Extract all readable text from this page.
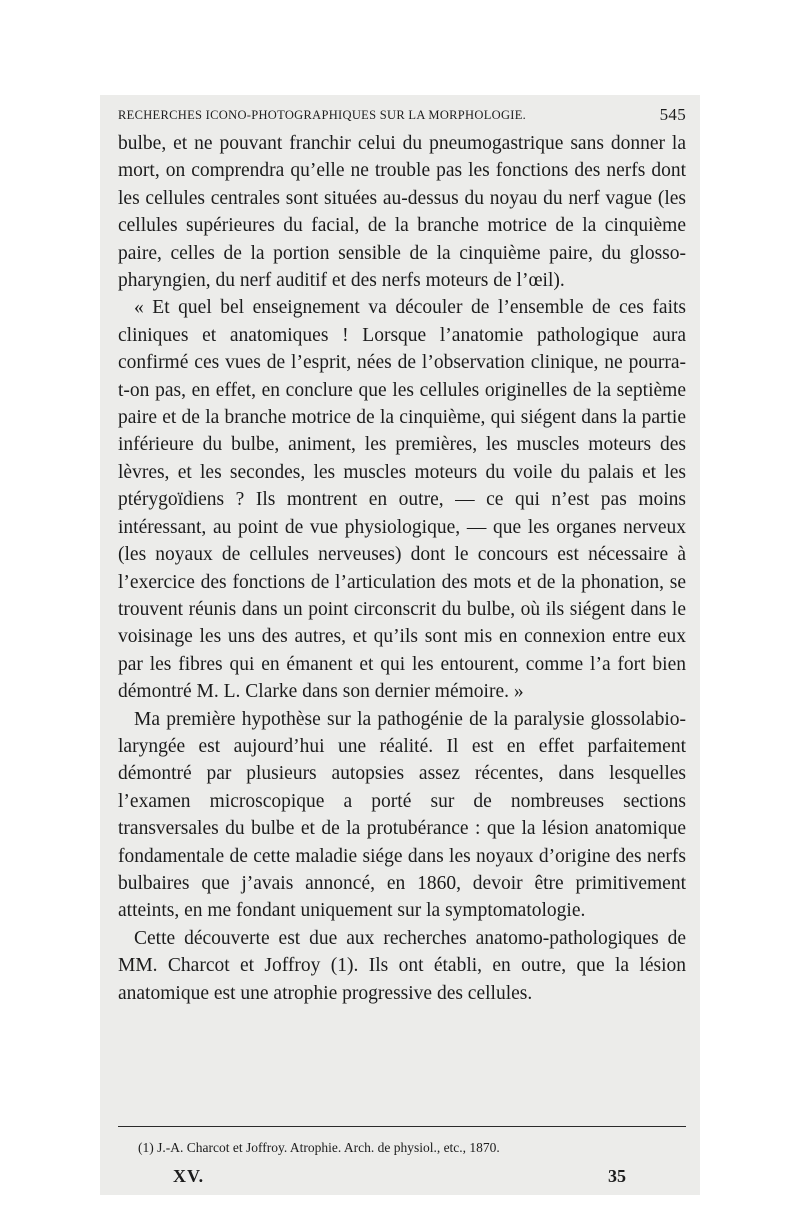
RECHERCHES ICONO-PHOTOGRAPHIQUES SUR LA MORPHOLOGIE.	545

bulbe, et ne pouvant franchir celui du pneumogastrique sans donner la mort, on comprendra qu’elle ne trouble pas les fonctions des nerfs dont les cellules centrales sont situées au-dessus du noyau du nerf vague (les cellules supérieures du facial, de la branche motrice de la cinquième paire, celles de la portion sensible de la cinquième paire, du glosso-pharyngien, du nerf auditif et des nerfs moteurs de l’œil).

« Et quel bel enseignement va découler de l’ensemble de ces faits cliniques et anatomiques ! Lorsque l’anatomie pathologique aura confirmé ces vues de l’esprit, nées de l’observation clinique, ne pourra-t-on pas, en effet, en conclure que les cellules originelles de la septième paire et de la branche motrice de la cinquième, qui siégent dans la partie inférieure du bulbe, animent, les premières, les muscles moteurs des lèvres, et les secondes, les muscles moteurs du voile du palais et les ptérygoïdiens ? Ils montrent en outre, — ce qui n’est pas moins intéressant, au point de vue physiologique, — que les organes nerveux (les noyaux de cellules nerveuses) dont le concours est nécessaire à l’exercice des fonctions de l’articulation des mots et de la phonation, se trouvent réunis dans un point circonscrit du bulbe, où ils siégent dans le voisinage les uns des autres, et qu’ils sont mis en connexion entre eux par les fibres qui en émanent et qui les entourent, comme l’a fort bien démontré M. L. Clarke dans son dernier mémoire. »

Ma première hypothèse sur la pathogénie de la paralysie glossolabio-laryngée est aujourd’hui une réalité. Il est en effet parfaitement démontré par plusieurs autopsies assez récentes, dans lesquelles l’examen microscopique a porté sur de nombreuses sections transversales du bulbe et de la protubérance : que la lésion anatomique fondamentale de cette maladie siége dans les noyaux d’origine des nerfs bulbaires que j’avais annoncé, en 1860, devoir être primitivement atteints, en me fondant uniquement sur la symptomatologie.

Cette découverte est due aux recherches anatomo-pathologiques de MM. Charcot et Joffroy (1). Ils ont établi, en outre, que la lésion anatomique est une atrophie progressive des cellules.

(1) J.-A. Charcot et Joffroy. Atrophie. Arch. de physiol., etc., 1870.
XV.	35
